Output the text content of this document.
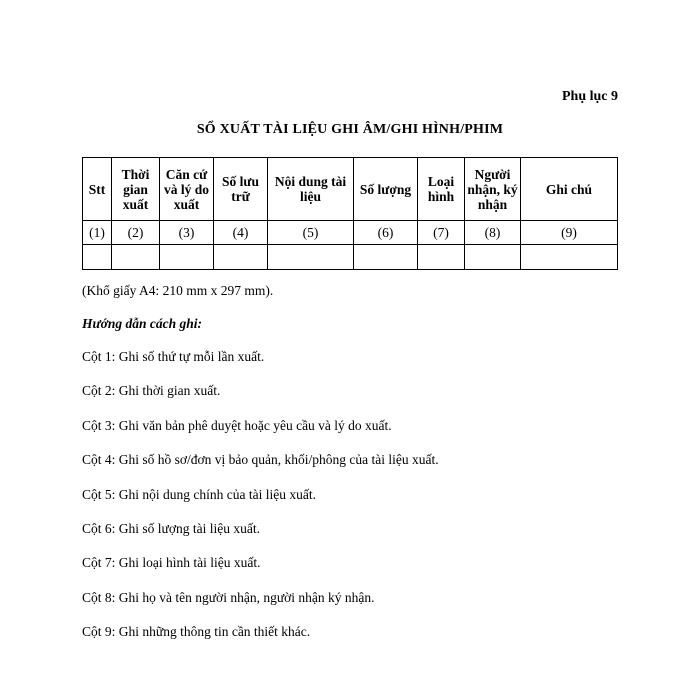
Phụ lục 9
SỔ XUẤT TÀI LIỆU GHI ÂM/GHI HÌNH/PHIM
Stt	Thời gian xuất	Căn cứ và lý do xuất	Số lưu trữ	Nội dung tài liệu	Số lượng	Loại hình	Người nhận, ký nhận	Ghi chú
(1)	(2)	(3)	(4)	(5)	(6)	(7)	(8)	(9)

(Khổ giấy A4: 210 mm x 297 mm).
Hướng dẫn cách ghi:
Cột 1: Ghi số thứ tự mỗi lần xuất.
Cột 2: Ghi thời gian xuất.
Cột 3: Ghi văn bản phê duyệt hoặc yêu cầu và lý do xuất.
Cột 4: Ghi số hồ sơ/đơn vị bảo quản, khối/phông của tài liệu xuất.
Cột 5: Ghi nội dung chính của tài liệu xuất.
Cột 6: Ghi số lượng tài liệu xuất.
Cột 7: Ghi loại hình tài liệu xuất.
Cột 8: Ghi họ và tên người nhận, người nhận ký nhận.
Cột 9: Ghi những thông tin cần thiết khác.
